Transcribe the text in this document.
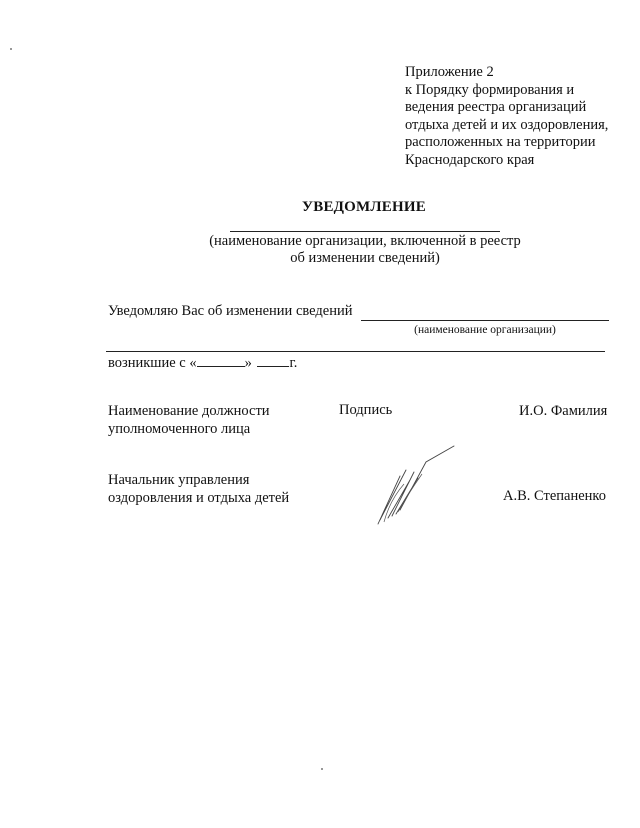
Приложение 2
к Порядку формирования и
ведения реестра организаций
отдыха детей и их оздоровления,
расположенных на территории
Краснодарского края
УВЕДОМЛЕНИЕ
(наименование организации, включенной в реестр
об изменении сведений)
Уведомляю Вас об изменении сведений
(наименование организации)
возникшие с «	»	г.
Наименование должности
уполномоченного лица
Подпись	И.О. Фамилия
Начальник управления
оздоровления и отдыха детей	А.В. Степаненко
